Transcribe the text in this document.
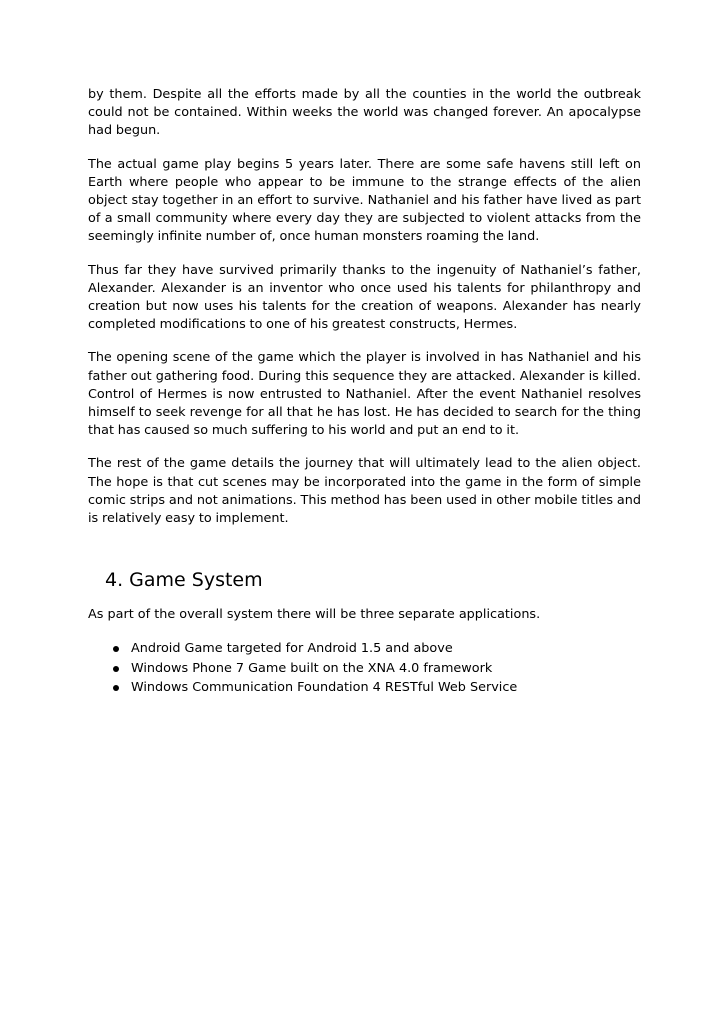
by them. Despite all the efforts made by all the counties in the world the outbreak could not be contained. Within weeks the world was changed forever. An apocalypse had begun.

The actual game play begins 5 years later. There are some safe havens still left on Earth where people who appear to be immune to the strange effects of the alien object stay together in an effort to survive. Nathaniel and his father have lived as part of a small community where every day they are subjected to violent attacks from the seemingly infinite number of, once human monsters roaming the land.

Thus far they have survived primarily thanks to the ingenuity of Nathaniel’s father, Alexander. Alexander is an inventor who once used his talents for philanthropy and creation but now uses his talents for the creation of weapons. Alexander has nearly completed modifications to one of his greatest constructs, Hermes.

The opening scene of the game which the player is involved in has Nathaniel and his father out gathering food. During this sequence they are attacked. Alexander is killed. Control of Hermes is now entrusted to Nathaniel. After the event Nathaniel resolves himself to seek revenge for all that he has lost. He has decided to search for the thing that has caused so much suffering to his world and put an end to it.

The rest of the game details the journey that will ultimately lead to the alien object. The hope is that cut scenes may be incorporated into the game in the form of simple comic strips and not animations. This method has been used in other mobile titles and is relatively easy to implement.

4. Game System

As part of the overall system there will be three separate applications.

Android Game targeted for Android 1.5 and above
Windows Phone 7 Game built on the XNA 4.0 framework
Windows Communication Foundation 4 RESTful Web Service
